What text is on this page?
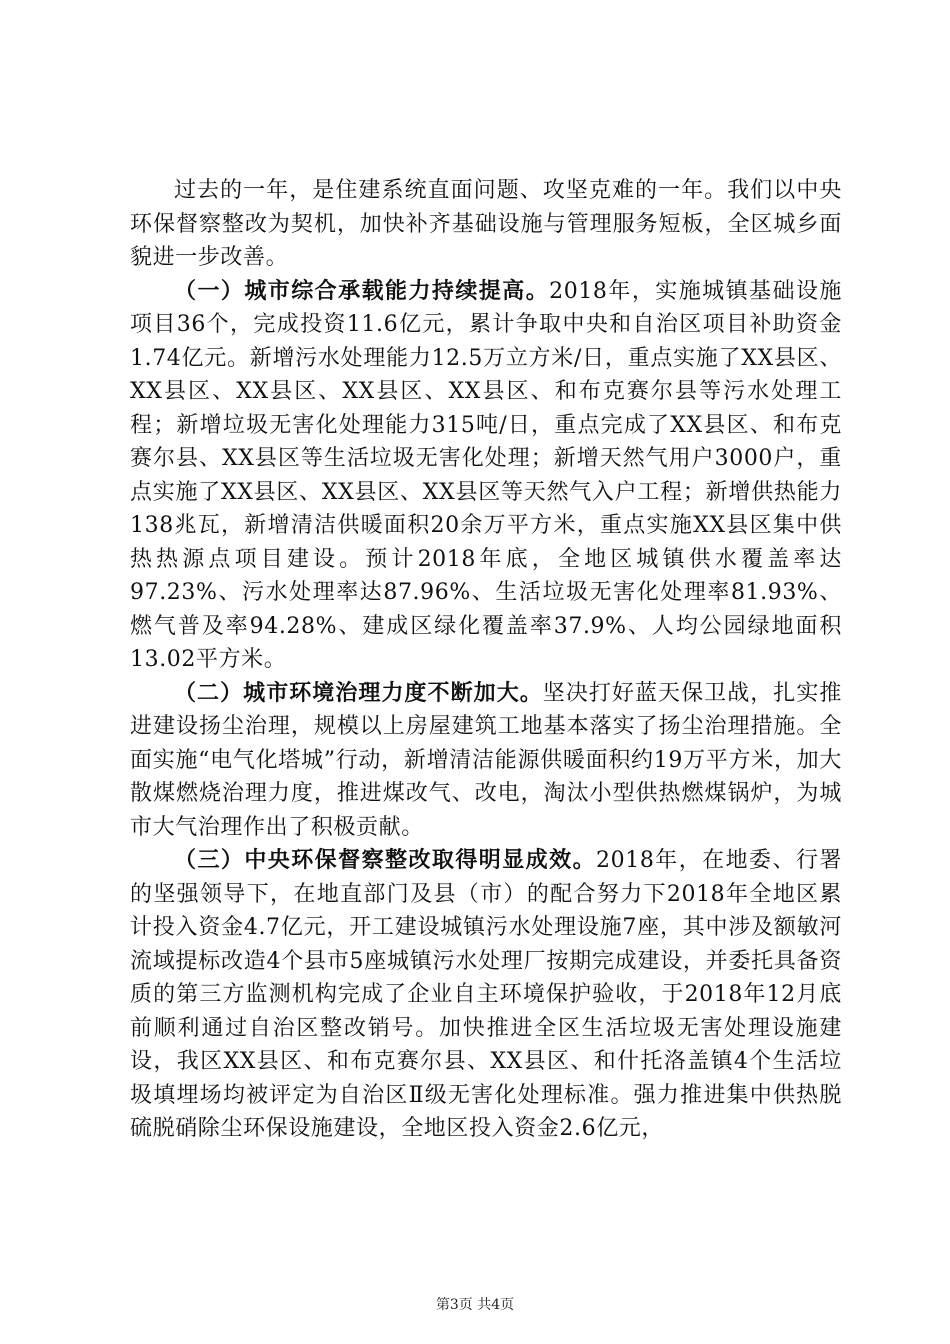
过去的一年，是住建系统直面问题、攻坚克难的一年。我们以中央环保督察整改为契机，加快补齐基础设施与管理服务短板，全区城乡面貌进一步改善。

（一）城市综合承载能力持续提高。2018年，实施城镇基础设施项目36个，完成投资11.6亿元，累计争取中央和自治区项目补助资金1.74亿元。新增污水处理能力12.5万立方米/日，重点实施了XX县区、XX县区、XX县区、XX县区、XX县区、和布克赛尔县等污水处理工程；新增垃圾无害化处理能力315吨/日，重点完成了XX县区、和布克赛尔县、XX县区等生活垃圾无害化处理；新增天然气用户3000户，重点实施了XX县区、XX县区、XX县区等天然气入户工程；新增供热能力138兆瓦，新增清洁供暖面积20余万平方米，重点实施XX县区集中供热热源点项目建设。预计2018年底，全地区城镇供水覆盖率达97.23%、污水处理率达87.96%、生活垃圾无害化处理率81.93%、燃气普及率94.28%、建成区绿化覆盖率37.9%、人均公园绿地面积13.02平方米。

（二）城市环境治理力度不断加大。坚决打好蓝天保卫战，扎实推进建设扬尘治理，规模以上房屋建筑工地基本落实了扬尘治理措施。全面实施“电气化塔城”行动，新增清洁能源供暖面积约19万平方米，加大散煤燃烧治理力度，推进煤改气、改电，淘汰小型供热燃煤锅炉，为城市大气治理作出了积极贡献。

（三）中央环保督察整改取得明显成效。2018年，在地委、行署的坚强领导下，在地直部门及县（市）的配合努力下2018年全地区累计投入资金4.7亿元，开工建设城镇污水处理设施7座，其中涉及额敏河流域提标改造4个县市5座城镇污水处理厂按期完成建设，并委托具备资质的第三方监测机构完成了企业自主环境保护验收，于2018年12月底前顺利通过自治区整改销号。加快推进全区生活垃圾无害处理设施建设，我区XX县区、和布克赛尔县、XX县区、和什托洛盖镇4个生活垃圾填埋场均被评定为自治区Ⅱ级无害化处理标准。强力推进集中供热脱硫脱硝除尘环保设施建设，全地区投入资金2.6亿元，

第3页 共4页
